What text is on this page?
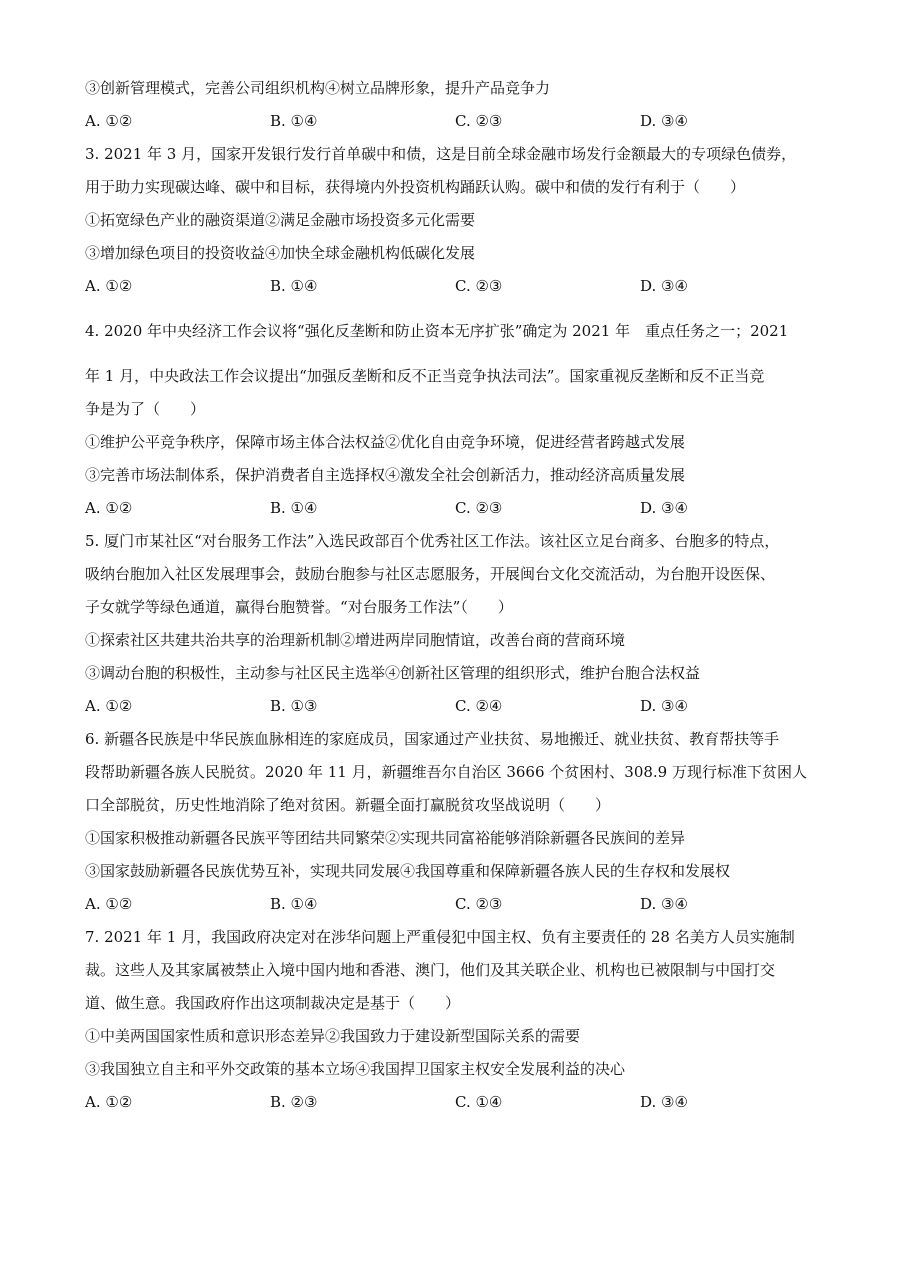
③创新管理模式，完善公司组织机构④树立品牌形象，提升产品竞争力
A. ①②	B. ①④	C. ②③	D. ③④
3. 2021 年 3 月，国家开发银行发行首单碳中和债，这是目前全球金融市场发行金额最大的专项绿色债券，
用于助力实现碳达峰、碳中和目标，获得境内外投资机构踊跃认购。碳中和债的发行有利于（　　）
①拓宽绿色产业的融资渠道②满足金融市场投资多元化需要
③增加绿色项目的投资收益④加快全球金融机构低碳化发展
A. ①②	B. ①④	C. ②③	D. ③④
4. 2020 年中央经济工作会议将“强化反垄断和防止资本无序扩张”确定为 2021 年　重点任务之一；2021
年 1 月，中央政法工作会议提出“加强反垄断和反不正当竞争执法司法”。国家重视反垄断和反不正当竞
争是为了（　　）
①维护公平竞争秩序，保障市场主体合法权益②优化自由竞争环境，促进经营者跨越式发展
③完善市场法制体系，保护消费者自主选择权④激发全社会创新活力，推动经济高质量发展
A. ①②	B. ①④	C. ②③	D. ③④
5. 厦门市某社区“对台服务工作法”入选民政部百个优秀社区工作法。该社区立足台商多、台胞多的特点，
吸纳台胞加入社区发展理事会，鼓励台胞参与社区志愿服务，开展闽台文化交流活动，为台胞开设医保、
子女就学等绿色通道，赢得台胞赞誉。“对台服务工作法”（　　）
①探索社区共建共治共享的治理新机制②增进两岸同胞情谊，改善台商的营商环境
③调动台胞的积极性，主动参与社区民主选举④创新社区管理的组织形式，维护台胞合法权益
A. ①②	B. ①③	C. ②④	D. ③④
6. 新疆各民族是中华民族血脉相连的家庭成员，国家通过产业扶贫、易地搬迁、就业扶贫、教育帮扶等手
段帮助新疆各族人民脱贫。2020 年 11 月，新疆维吾尔自治区 3666 个贫困村、308.9 万现行标准下贫困人
口全部脱贫，历史性地消除了绝对贫困。新疆全面打赢脱贫攻坚战说明（　　）
①国家积极推动新疆各民族平等团结共同繁荣②实现共同富裕能够消除新疆各民族间的差异
③国家鼓励新疆各民族优势互补，实现共同发展④我国尊重和保障新疆各族人民的生存权和发展权
A. ①②	B. ①④	C. ②③	D. ③④
7. 2021 年 1 月，我国政府决定对在涉华问题上严重侵犯中国主权、负有主要责任的 28 名美方人员实施制
裁。这些人及其家属被禁止入境中国内地和香港、澳门，他们及其关联企业、机构也已被限制与中国打交
道、做生意。我国政府作出这项制裁决定是基于（　　）
①中美两国国家性质和意识形态差异②我国致力于建设新型国际关系的需要
③我国独立自主和平外交政策的基本立场④我国捍卫国家主权安全发展利益的决心
A. ①②	B. ②③	C. ①④	D. ③④
